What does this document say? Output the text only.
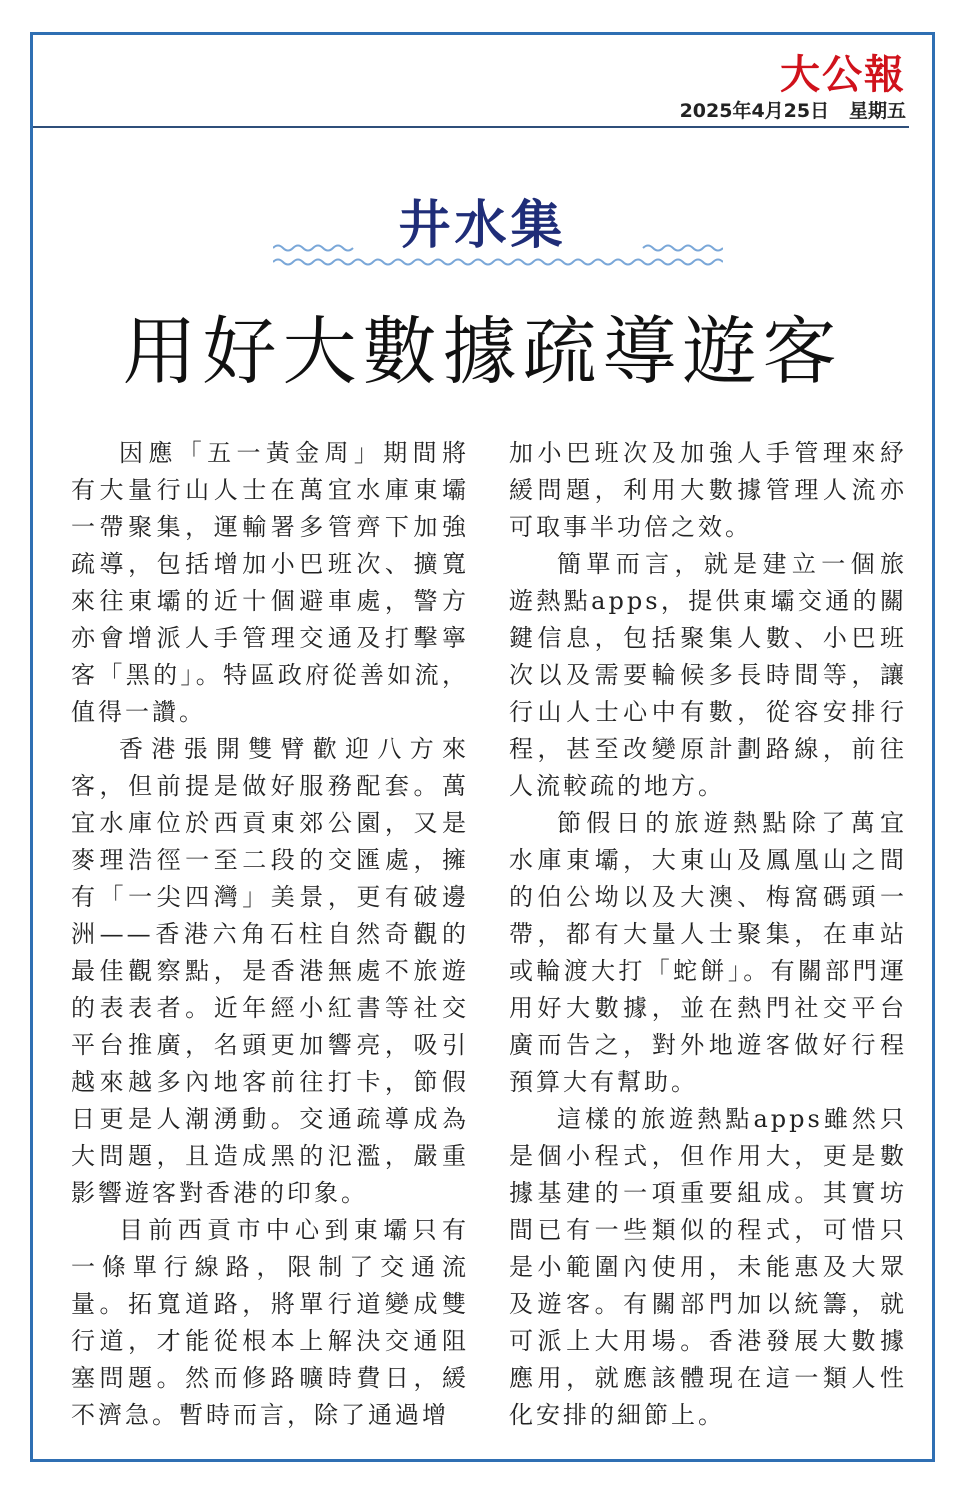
大公報
2025年4月25日 星期五
井水集
用好大數據疏導遊客

因應「五一黃金周」期間將有大量行山人士在萬宜水庫東壩一帶聚集，運輸署多管齊下加強疏導，包括增加小巴班次、擴寬來往東壩的近十個避車處，警方亦會增派人手管理交通及打擊寧客「黑的」。特區政府從善如流，值得一讚。

香港張開雙臂歡迎八方來客，但前提是做好服務配套。萬宜水庫位於西貢東郊公園，又是麥理浩徑一至二段的交匯處，擁有「一尖四灣」美景，更有破邊洲——香港六角石柱自然奇觀的最佳觀察點，是香港無處不旅遊的表表者。近年經小紅書等社交平台推廣，名頭更加響亮，吸引越來越多內地客前往打卡，節假日更是人潮湧動。交通疏導成為大問題，且造成黑的氾濫，嚴重影響遊客對香港的印象。

目前西貢市中心到東壩只有一條單行線路，限制了交通流量。拓寬道路，將單行道變成雙行道，才能從根本上解決交通阻塞問題。然而修路曠時費日，緩不濟急。暫時而言，除了通過增

加小巴班次及加強人手管理來紓緩問題，利用大數據管理人流亦可取事半功倍之效。

簡單而言，就是建立一個旅遊熱點apps，提供東壩交通的關鍵信息，包括聚集人數、小巴班次以及需要輪候多長時間等，讓行山人士心中有數，從容安排行程，甚至改變原計劃路線，前往人流較疏的地方。

節假日的旅遊熱點除了萬宜水庫東壩，大東山及鳳凰山之間的伯公坳以及大澳、梅窩碼頭一帶，都有大量人士聚集，在車站或輪渡大打「蛇餅」。有關部門運用好大數據，並在熱門社交平台廣而告之，對外地遊客做好行程預算大有幫助。

這樣的旅遊熱點apps雖然只是個小程式，但作用大，更是數據基建的一項重要組成。其實坊間已有一些類似的程式，可惜只是小範圍內使用，未能惠及大眾及遊客。有關部門加以統籌，就可派上大用場。香港發展大數據應用，就應該體現在這一類人性化安排的細節上。
